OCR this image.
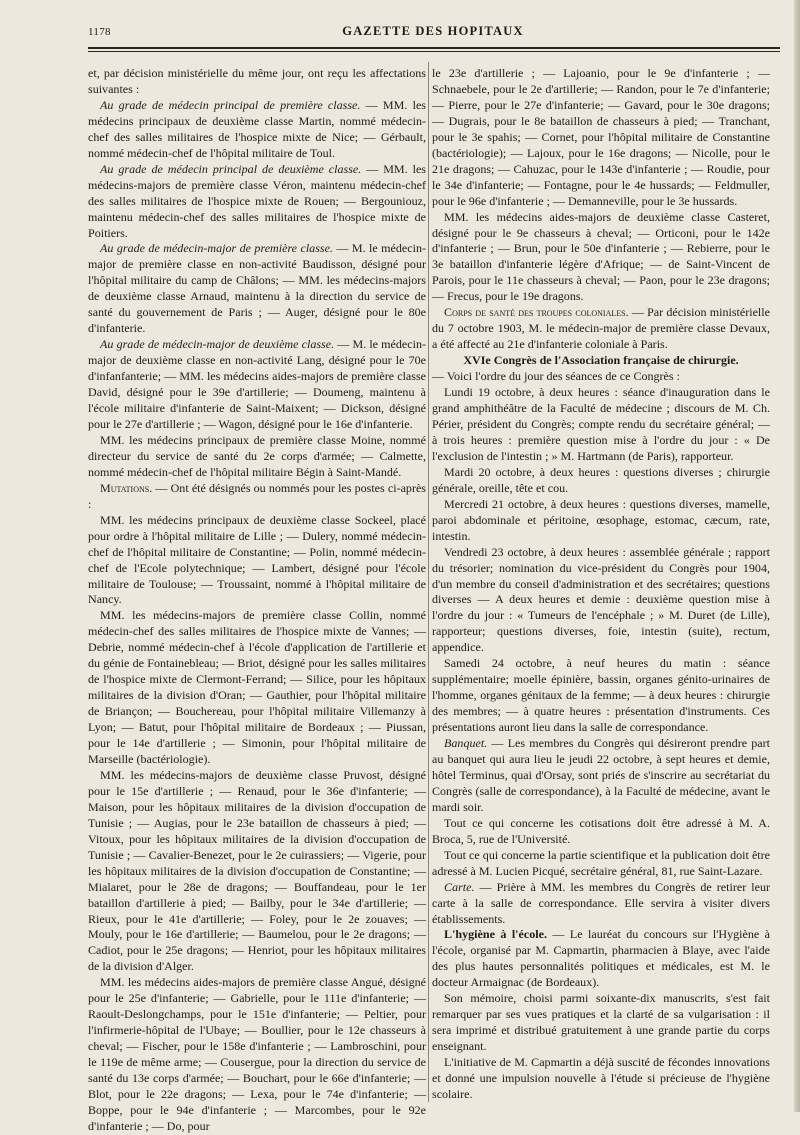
1178	GAZETTE DES HOPITAUX

et, par décision ministérielle du même jour, ont reçu les affectations suivantes :

Au grade de médecin principal de première classe. — MM. les médecins principaux de deuxième classe Martin, nommé médecin-chef des salles militaires de l'hospice mixte de Nice; — Gérbault, nommé médecin-chef de l'hôpital militaire de Toul.

Au grade de médecin principal de deuxième classe. — MM. les médecins-majors de première classe Véron, maintenu médecin-chef des salles militaires de l'hospice mixte de Rouen; — Bergouniouz, maintenu médecin-chef des salles militaires de l'hospice mixte de Poitiers.

Au grade de médecin-major de première classe. — M. le médecin-major de première classe en non-activité Baudisson, désigné pour l'hôpital militaire du camp de Châlons; — MM. les médecins-majors de deuxième classe Arnaud, maintenu à la direction du service de santé du gouvernement de Paris ; — Auger, désigné pour le 80e d'infanterie.

Au grade de médecin-major de deuxième classe. — M. le médecin-major de deuxième classe en non-activité Lang, désigné pour le 70e d'infanfanterie; — MM. les médecins aides-majors de première classe David, désigné pour le 39e d'artillerie; — Doumeng, maintenu à l'école militaire d'infanterie de Saint-Maixent; — Dickson, désigné pour le 27e d'artillerie ; — Wagon, désigné pour le 16e d'infanterie.

MM. les médecins principaux de première classe Moine, nommé directeur du service de santé du 2e corps d'armée; — Calmette, nommé médecin-chef de l'hôpital militaire Bégin à Saint-Mandé.

Mutations. — Ont été désignés ou nommés pour les postes ci-après :

MM. les médecins principaux de deuxième classe Sockeel, placé pour ordre à l'hôpital militaire de Lille ; — Dulery, nommé médecin-chef de l'hôpital militaire de Constantine; — Polin, nommé médecin-chef de l'Ecole polytechnique; — Lambert, désigné pour l'école militaire de Toulouse; — Troussaint, nommé à l'hôpital militaire de Nancy.

MM. les médecins-majors de première classe Collin, nommé médecin-chef des salles militaires de l'hospice mixte de Vannes; — Debrie, nommé médecin-chef à l'école d'application de l'artillerie et du génie de Fontainebleau; — Briot, désigné pour les salles militaires de l'hospice mixte de Clermont-Ferrand; — Silice, pour les hôpitaux militaires de la division d'Oran; — Gauthier, pour l'hôpital militaire de Briançon; — Bouchereau, pour l'hôpital militaire Villemanzy à Lyon; — Batut, pour l'hôpital militaire de Bordeaux ; — Piussan, pour le 14e d'artillerie ; — Simonin, pour l'hôpital militaire de Marseille (bactériologie).

MM. les médecins-majors de deuxième classe Pruvost, désigné pour le 15e d'artillerie ; — Renaud, pour le 36e d'infanterie; — Maison, pour les hôpitaux militaires de la division d'occupation de Tunisie ; — Augias, pour le 23e bataillon de chasseurs à pied; — Vitoux, pour les hôpitaux militaires de la division d'occupation de Tunisie ; — Cavalier-Benezet, pour le 2e cuirassiers; — Vigerie, pour les hôpitaux militaires de la division d'occupation de Constantine; — Mialaret, pour le 28e de dragons; — Bouffandeau, pour le 1er bataillon d'artillerie à pied; — Bailby, pour le 34e d'artillerie; — Rieux, pour le 41e d'artillerie; — Foley, pour le 2e zouaves; — Mouly, pour le 16e d'artillerie; — Baumelou, pour le 2e dragons; — Cadiot, pour le 25e dragons; — Henriot, pour les hôpitaux militaires de la division d'Alger.

MM. les médecins aides-majors de première classe Angué, désigné pour le 25e d'infanterie; — Gabrielle, pour le 111e d'infanterie; — Raoult-Deslongchamps, pour le 151e d'infanterie; — Peltier, pour l'infirmerie-hôpital de l'Ubaye; — Boullier, pour le 12e chasseurs à cheval; — Fischer, pour le 158e d'infanterie ; — Lambroschini, pour le 119e de même arme; — Cousergue, pour la direction du service de santé du 13e corps d'armée; — Bouchart, pour le 66e d'infanterie; — Blot, pour le 22e dragons; — Lexa, pour le 74e d'infanterie; — Boppe, pour le 94e d'infanterie ; — Marcombes, pour le 92e d'infanterie ; — Do, pour

le 23e d'artillerie ; — Lajoanio, pour le 9e d'infanterie ; — Schnaebele, pour le 2e d'artillerie; — Randon, pour le 7e d'infanterie; — Pierre, pour le 27e d'infanterie; — Gavard, pour le 30e dragons; — Dugrais, pour le 8e bataillon de chasseurs à pied; — Tranchant, pour le 3e spahis; — Cornet, pour l'hôpital militaire de Constantine (bactériologie); — Lajoux, pour le 16e dragons; — Nicolle, pour le 21e dragons; — Cahuzac, pour le 143e d'infanterie ; — Roudie, pour le 34e d'infanterie; — Fontagne, pour le 4e hussards; — Feldmuller, pour le 96e d'infanterie ; — Demanneville, pour le 3e hussards.

MM. les médecins aides-majors de deuxième classe Casteret, désigné pour le 9e chasseurs à cheval; — Orticoni, pour le 142e d'infanterie ; — Brun, pour le 50e d'infanterie ; — Rebierre, pour le 3e bataillon d'infanterie légère d'Afrique; — de Saint-Vincent de Parois, pour le 11e chasseurs à cheval; — Paon, pour le 23e dragons; — Frecus, pour le 19e dragons.

Corps de santé des troupes coloniales. — Par décision ministérielle du 7 octobre 1903, M. le médecin-major de première classe Devaux, a été affecté au 21e d'infanterie coloniale à Paris.

XVIe Congrès de l'Association française de chirurgie.

— Voici l'ordre du jour des séances de ce Congrès :

Lundi 19 octobre, à deux heures : séance d'inauguration dans le grand amphithéâtre de la Faculté de médecine ; discours de M. Ch. Périer, président du Congrès; compte rendu du secrétaire général; — à trois heures : première question mise à l'ordre du jour : « De l'exclusion de l'intestin ; » M. Hartmann (de Paris), rapporteur.

Mardi 20 octobre, à deux heures : questions diverses ; chirurgie générale, oreille, tête et cou.

Mercredi 21 octobre, à deux heures : questions diverses, mamelle, paroi abdominale et péritoine, œsophage, estomac, cæcum, rate, intestin.

Vendredi 23 octobre, à deux heures : assemblée générale ; rapport du trésorier; nomination du vice-président du Congrès pour 1904, d'un membre du conseil d'administration et des secrétaires; questions diverses — A deux heures et demie : deuxième question mise à l'ordre du jour : « Tumeurs de l'encéphale ; » M. Duret (de Lille), rapporteur; questions diverses, foie, intestin (suite), rectum, appendice.

Samedi 24 octobre, à neuf heures du matin : séance supplémentaire; moelle épinière, bassin, organes génito-urinaires de l'homme, organes génitaux de la femme; — à deux heures : chirurgie des membres; — à quatre heures : présentation d'instruments. Ces présentations auront lieu dans la salle de correspondance.

Banquet. — Les membres du Congrès qui désireront prendre part au banquet qui aura lieu le jeudi 22 octobre, à sept heures et demie, hôtel Terminus, quai d'Orsay, sont priés de s'inscrire au secrétariat du Congrès (salle de correspondance), à la Faculté de médecine, avant le mardi soir.

Tout ce qui concerne les cotisations doit être adressé à M. A. Broca, 5, rue de l'Université.

Tout ce qui concerne la partie scientifique et la publication doit être adressé à M. Lucien Picqué, secrétaire général, 81, rue Saint-Lazare.

Carte. — Prière à MM. les membres du Congrès de retirer leur carte à la salle de correspondance. Elle servira à visiter divers établissements.

L'hygiène à l'école. — Le lauréat du concours sur l'Hygiène à l'école, organisé par M. Capmartin, pharmacien à Blaye, avec l'aide des plus hautes personnalités politiques et médicales, est M. le docteur Armaignac (de Bordeaux).

Son mémoire, choisi parmi soixante-dix manuscrits, s'est fait remarquer par ses vues pratiques et la clarté de sa vulgarisation : il sera imprimé et distribué gratuitement à une grande partie du corps enseignant.

L'initiative de M. Capmartin a déjà suscité de fécondes innovations et donné une impulsion nouvelle à l'étude si précieuse de l'hygiène scolaire.
